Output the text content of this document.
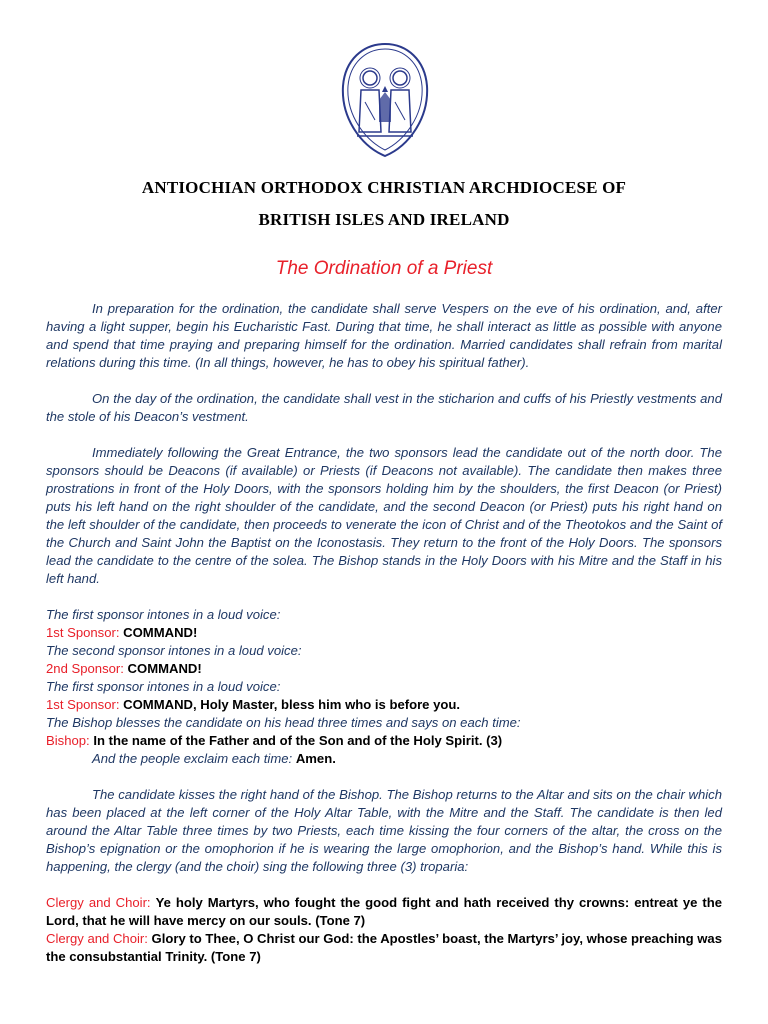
ANTIOCHIAN ORTHODOX CHRISTIAN ARCHDIOCESE OF
BRITISH ISLES AND IRELAND
The Ordination of a Priest

In preparation for the ordination, the candidate shall serve Vespers on the eve of his ordination, and, after having a light supper, begin his Eucharistic Fast. During that time, he shall interact as little as possible with anyone and spend that time praying and preparing himself for the ordination. Married candidates shall refrain from marital relations during this time. (In all things, however, he has to obey his spiritual father).

On the day of the ordination, the candidate shall vest in the sticharion and cuffs of his Priestly vestments and the stole of his Deacon’s vestment.

Immediately following the Great Entrance, the two sponsors lead the candidate out of the north door. The sponsors should be Deacons (if available) or Priests (if Deacons not available). The candidate then makes three prostrations in front of the Holy Doors, with the sponsors holding him by the shoulders, the first Deacon (or Priest) puts his left hand on the right shoulder of the candidate, and the second Deacon (or Priest) puts his right hand on the left shoulder of the candidate, then proceeds to venerate the icon of Christ and of the Theotokos and the Saint of the Church and Saint John the Baptist on the Iconostasis. They return to the front of the Holy Doors. The sponsors lead the candidate to the centre of the solea. The Bishop stands in the Holy Doors with his Mitre and the Staff in his left hand.

The first sponsor intones in a loud voice:

1st Sponsor: COMMAND!

The second sponsor intones in a loud voice:

2nd Sponsor: COMMAND!

The first sponsor intones in a loud voice:

1st Sponsor: COMMAND, Holy Master, bless him who is before you.

The Bishop blesses the candidate on his head three times and says on each time:

Bishop: In the name of the Father and of the Son and of the Holy Spirit. (3)

And the people exclaim each time: Amen.

The candidate kisses the right hand of the Bishop. The Bishop returns to the Altar and sits on the chair which has been placed at the left corner of the Holy Altar Table, with the Mitre and the Staff. The candidate is then led around the Altar Table three times by two Priests, each time kissing the four corners of the altar, the cross on the Bishop’s epignation or the omophorion if he is wearing the large omophorion, and the Bishop’s hand. While this is happening, the clergy (and the choir) sing the following three (3) troparia:

Clergy and Choir: Ye holy Martyrs, who fought the good fight and hath received thy crowns: entreat ye the Lord, that he will have mercy on our souls. (Tone 7)

Clergy and Choir: Glory to Thee, O Christ our God: the Apostles’ boast, the Martyrs’ joy, whose preaching was the consubstantial Trinity. (Tone 7)
